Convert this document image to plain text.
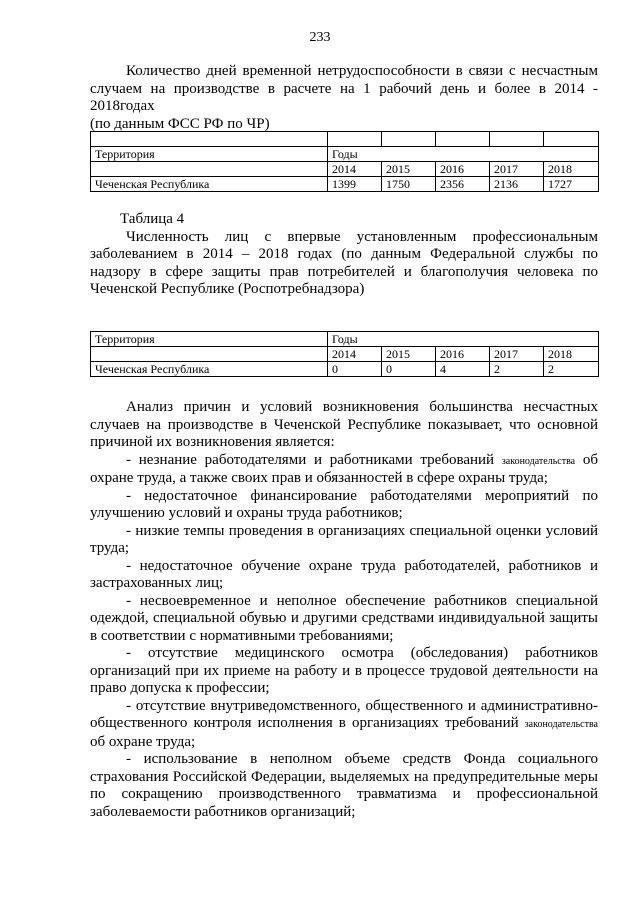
233

Количество дней временной нетрудоспособности в связи с несчастным случаем на производстве в расчете на 1 рабочий день и более в 2014 - 2018годах

(по данным ФСС РФ по ЧР)

Территория	Годы				
	2014	2015	2016	2017	2018
Чеченская Республика	1399	1750	2356	2136	1727

Таблица 4

Численность лиц с впервые установленным профессиональным заболеванием в 2014 – 2018 годах (по данным Федеральной службы по надзору в сфере защиты прав потребителей и благополучия человека по Чеченской Республике (Роспотребнадзора)

Территория	Годы				
	2014	2015	2016	2017	2018
Чеченская Республика	0	0	4	2	2

Анализ причин и условий возникновения большинства несчастных случаев на производстве в Чеченской Республике показывает, что основной причиной их возникновения является:

- незнание работодателями и работниками требований законодательства об охране труда, а также своих прав и обязанностей в сфере охраны труда;

- недостаточное финансирование работодателями мероприятий по улучшению условий и охраны труда работников;

- низкие темпы проведения в организациях специальной оценки условий труда;

- недостаточное обучение охране труда работодателей, работников и застрахованных лиц;

- несвоевременное и неполное обеспечение работников специальной одеждой, специальной обувью и другими средствами индивидуальной защиты в соответствии с нормативными требованиями;

- отсутствие медицинского осмотра (обследования) работников организаций при их приеме на работу и в процессе трудовой деятельности на право допуска к профессии;

- отсутствие внутриведомственного, общественного и административно-общественного контроля исполнения в организациях требований законодательства об охране труда;

- использование в неполном объеме средств Фонда социального страхования Российской Федерации, выделяемых на предупредительные меры по сокращению производственного травматизма и профессиональной заболеваемости работников организаций;
